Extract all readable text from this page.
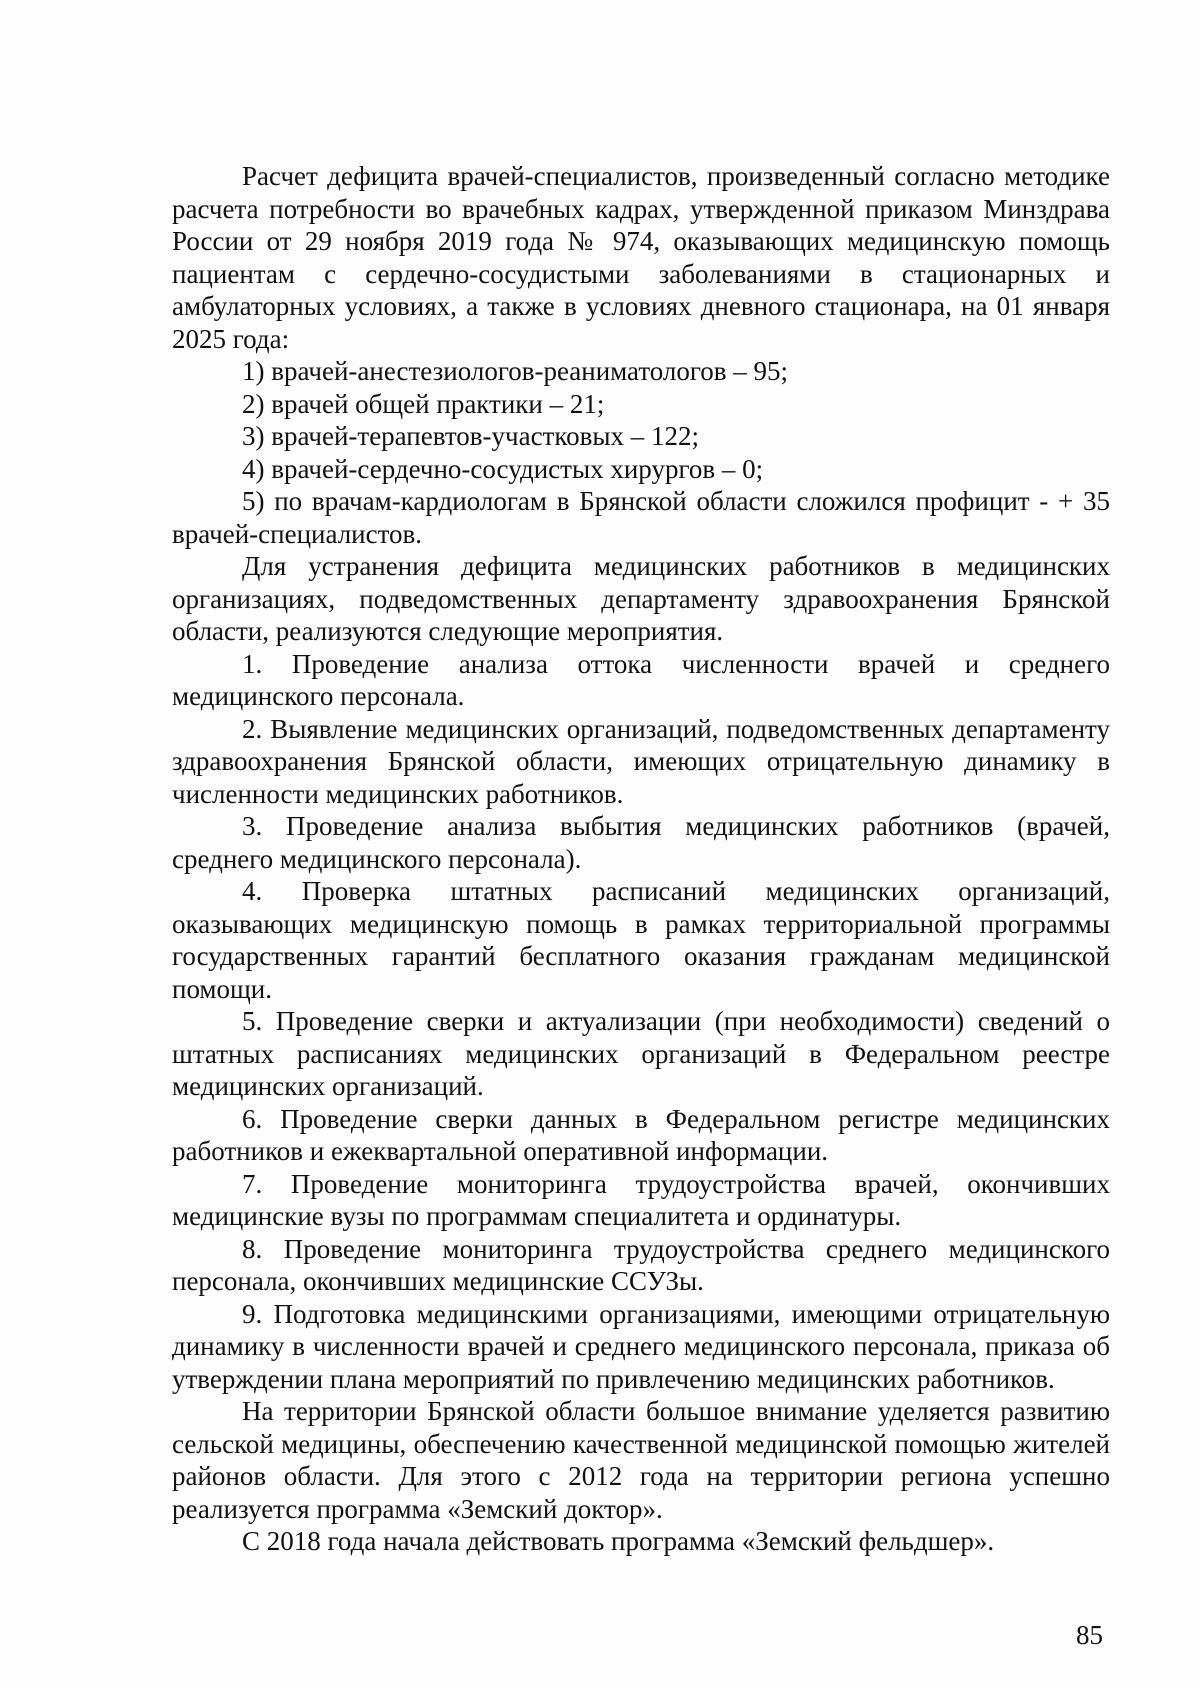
Расчет дефицита врачей-специалистов, произведенный согласно методике расчета потребности во врачебных кадрах, утвержденной приказом Минздрава России от 29 ноября 2019 года № 974, оказывающих медицинскую помощь пациентам с сердечно-сосудистыми заболеваниями в стационарных и амбулаторных условиях, а также в условиях дневного стационара, на 01 января 2025 года:

1) врачей-анестезиологов-реаниматологов – 95;

2) врачей общей практики – 21;

3) врачей-терапевтов-участковых – 122;

4) врачей-сердечно-сосудистых хирургов – 0;

5) по врачам-кардиологам в Брянской области сложился профицит - + 35 врачей-специалистов.

Для устранения дефицита медицинских работников в медицинских организациях, подведомственных департаменту здравоохранения Брянской области, реализуются следующие мероприятия.

1. Проведение анализа оттока численности врачей и среднего медицинского персонала.

2. Выявление медицинских организаций, подведомственных департаменту здравоохранения Брянской области, имеющих отрицательную динамику в численности медицинских работников.

3. Проведение анализа выбытия медицинских работников (врачей, среднего медицинского персонала).

4. Проверка штатных расписаний медицинских организаций, оказывающих медицинскую помощь в рамках территориальной программы государственных гарантий бесплатного оказания гражданам медицинской помощи.

5. Проведение сверки и актуализации (при необходимости) сведений о штатных расписаниях медицинских организаций в Федеральном реестре медицинских организаций.

6. Проведение сверки данных в Федеральном регистре медицинских работников и ежеквартальной оперативной информации.

7. Проведение мониторинга трудоустройства врачей, окончивших медицинские вузы по программам специалитета и ординатуры.

8. Проведение мониторинга трудоустройства среднего медицинского персонала, окончивших медицинские ССУЗы.

9. Подготовка медицинскими организациями, имеющими отрицательную динамику в численности врачей и среднего медицинского персонала, приказа об утверждении плана мероприятий по привлечению медицинских работников.

На территории Брянской области большое внимание уделяется развитию сельской медицины, обеспечению качественной медицинской помощью жителей районов области. Для этого с 2012 года на территории региона успешно реализуется программа «Земский доктор».

С 2018 года начала действовать программа «Земский фельдшер».

85
